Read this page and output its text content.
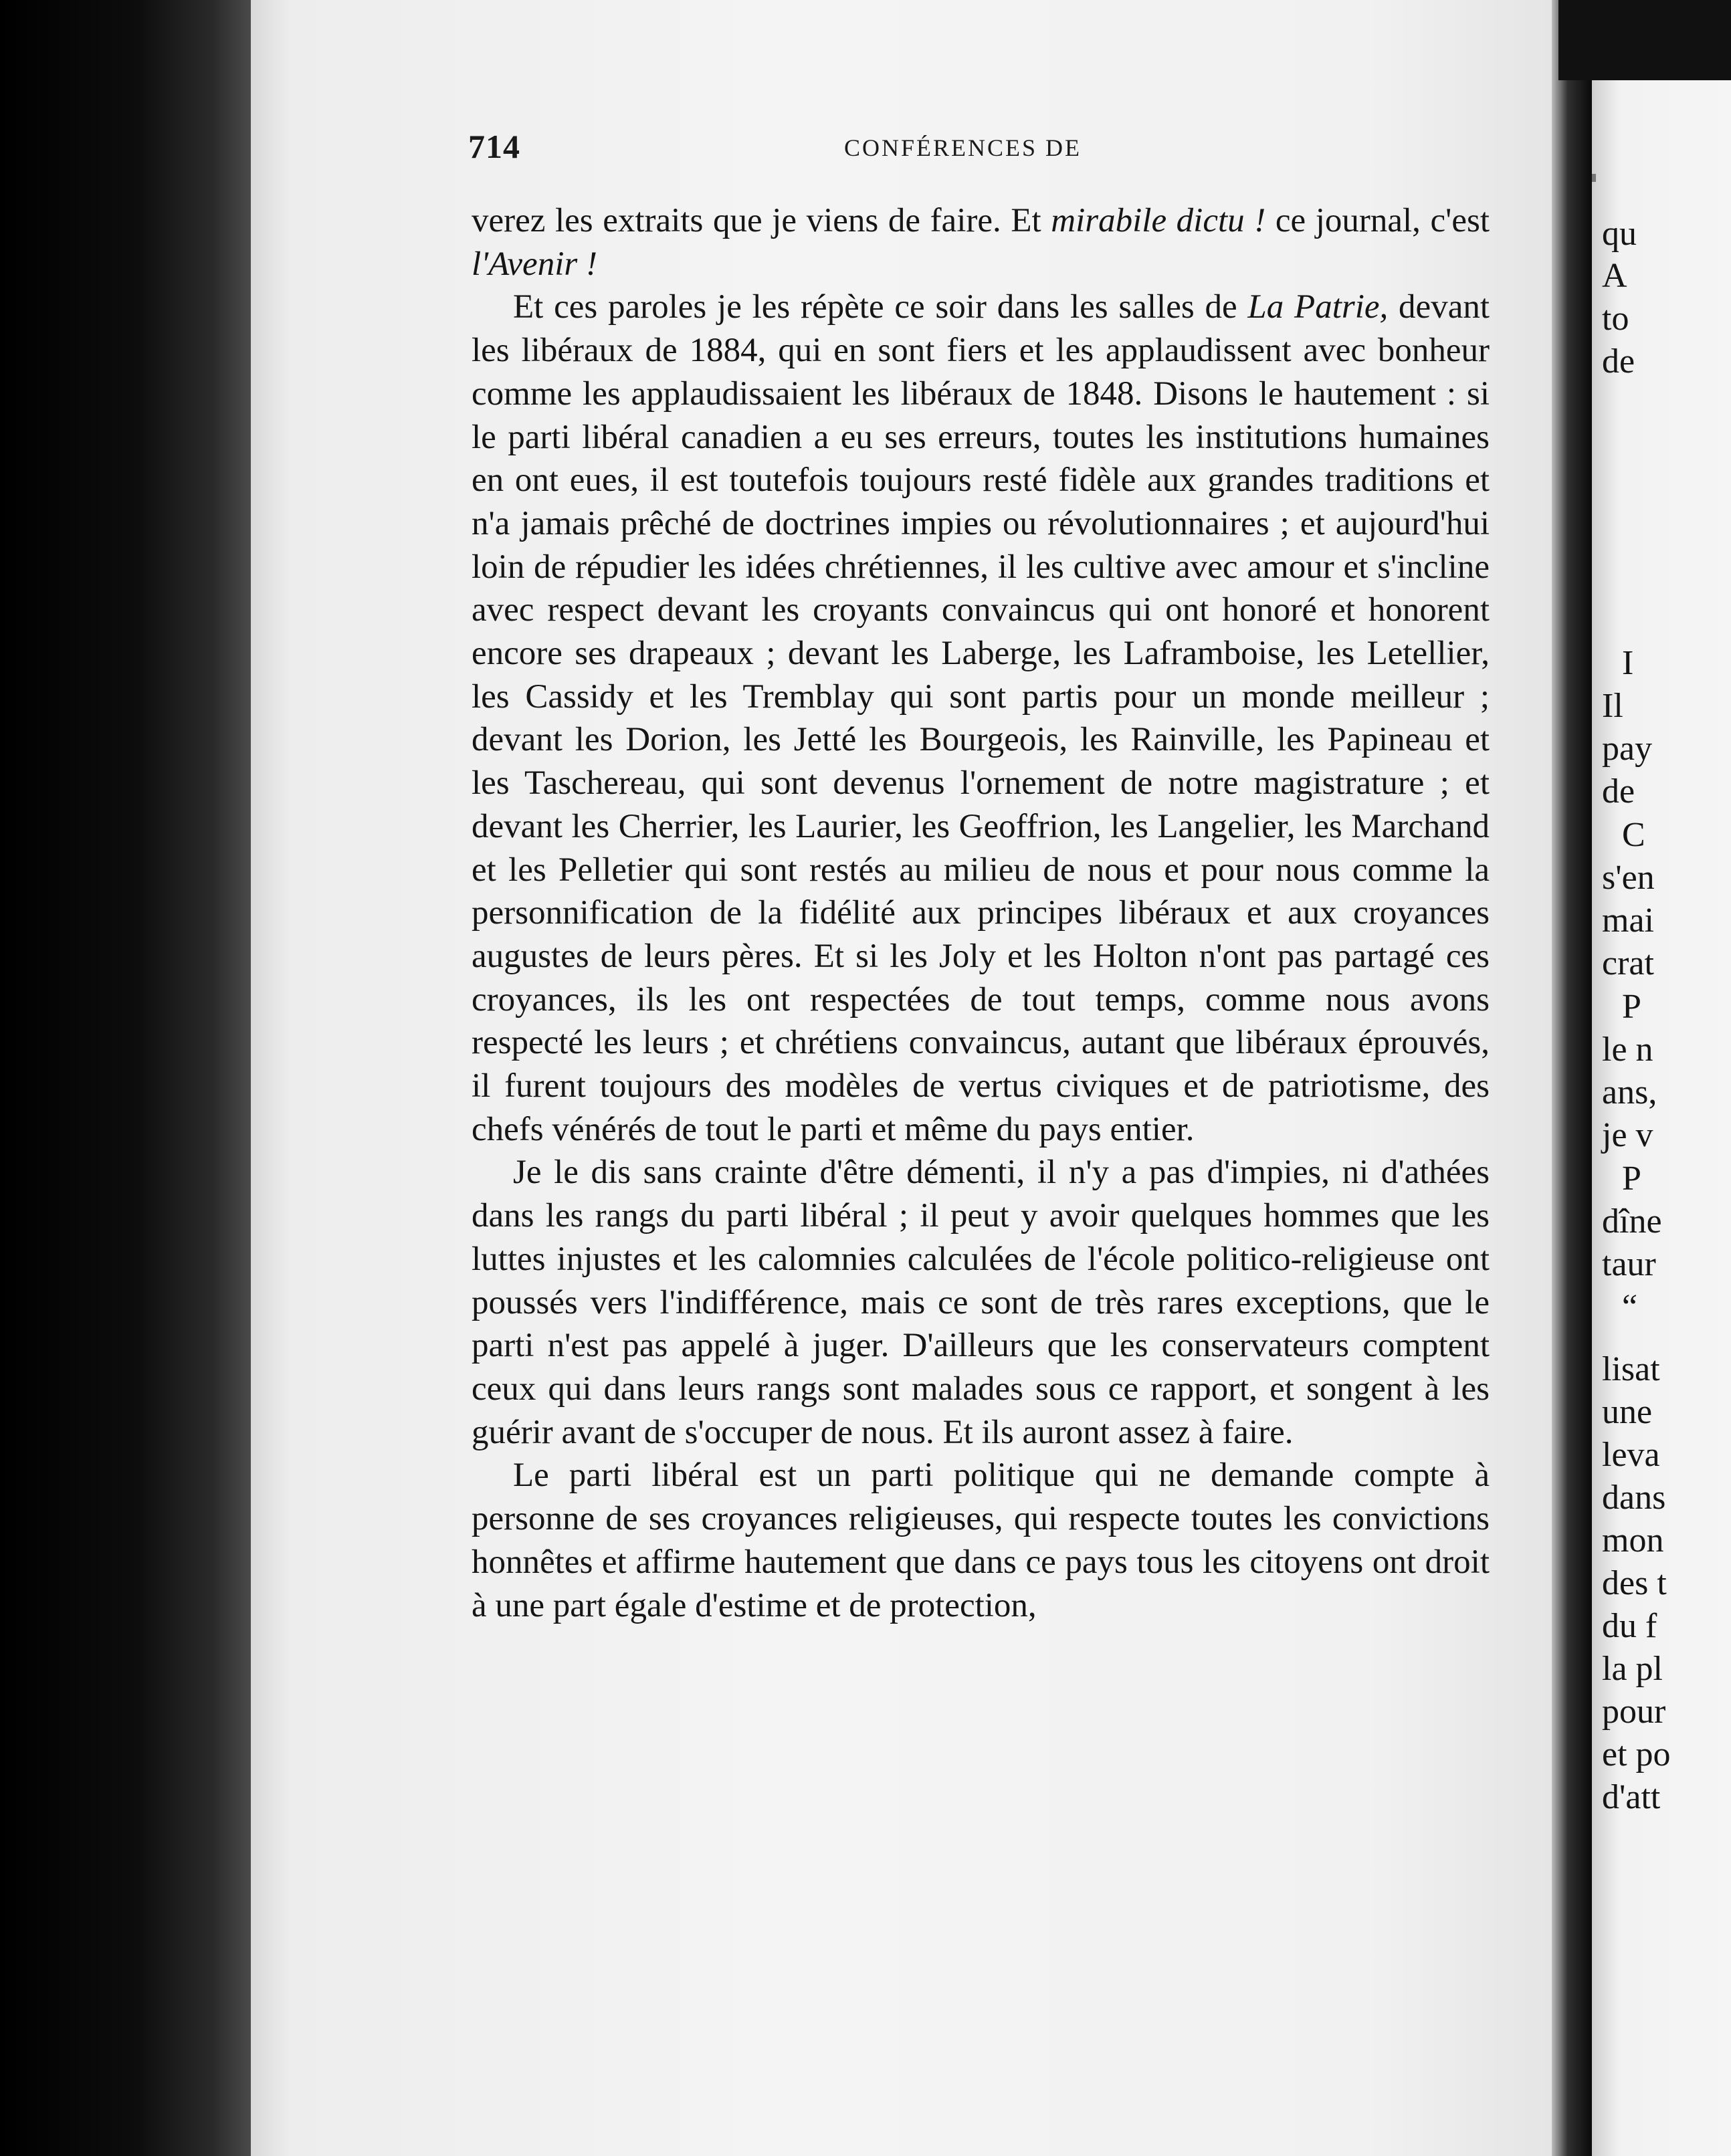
714	CONFÉRENCES DE

verez les extraits que je viens de faire. Et mirabile dictu ! ce journal, c'est l'Avenir !

Et ces paroles je les répète ce soir dans les salles de La Patrie, devant les libéraux de 1884, qui en sont fiers et les applaudissent avec bonheur comme les applaudissaient les libéraux de 1848. Disons le hautement : si le parti libéral canadien a eu ses erreurs, toutes les institutions humaines en ont eues, il est toutefois toujours resté fidèle aux grandes traditions et n'a jamais prêché de doctrines impies ou révolutionnaires ; et aujourd'hui loin de répudier les idées chrétiennes, il les cultive avec amour et s'incline avec respect devant les croyants convaincus qui ont honoré et honorent encore ses drapeaux ; devant les Laberge, les Laframboise, les Letellier, les Cassidy et les Tremblay qui sont partis pour un monde meilleur ; devant les Dorion, les Jetté les Bourgeois, les Rainville, les Papineau et les Taschereau, qui sont devenus l'ornement de notre magistrature ; et devant les Cherrier, les Laurier, les Geoffrion, les Langelier, les Marchand et les Pelletier qui sont restés au milieu de nous et pour nous comme la personnification de la fidélité aux principes libéraux et aux croyances augustes de leurs pères. Et si les Joly et les Holton n'ont pas partagé ces croyances, ils les ont respectées de tout temps, comme nous avons respecté les leurs ; et chrétiens convaincus, autant que libéraux éprouvés, il furent toujours des modèles de vertus civiques et de patriotisme, des chefs vénérés de tout le parti et même du pays entier.

Je le dis sans crainte d'être démenti, il n'y a pas d'impies, ni d'athées dans les rangs du parti libéral ; il peut y avoir quelques hommes que les luttes injustes et les calomnies calculées de l'école politico-religieuse ont poussés vers l'indifférence, mais ce sont de très rares exceptions, que le parti n'est pas appelé à juger. D'ailleurs que les conservateurs comptent ceux qui dans leurs rangs sont malades sous ce rapport, et songent à les guérir avant de s'occuper de nous. Et ils auront assez à faire.

Le parti libéral est un parti politique qui ne demande compte à personne de ses croyances religieuses, qui respecte toutes les convictions honnêtes et affirme hautement que dans ce pays tous les citoyens ont droit à une part égale d'estime et de protection,

qu
A
to
de
I
Il
pay
de
C
s'en
mai
crat
P
le n
ans,
je v
P
dîne
taur
“
lisat
une
leva
dans
mon
des t
du f
la pl
pour
et po
d'att
